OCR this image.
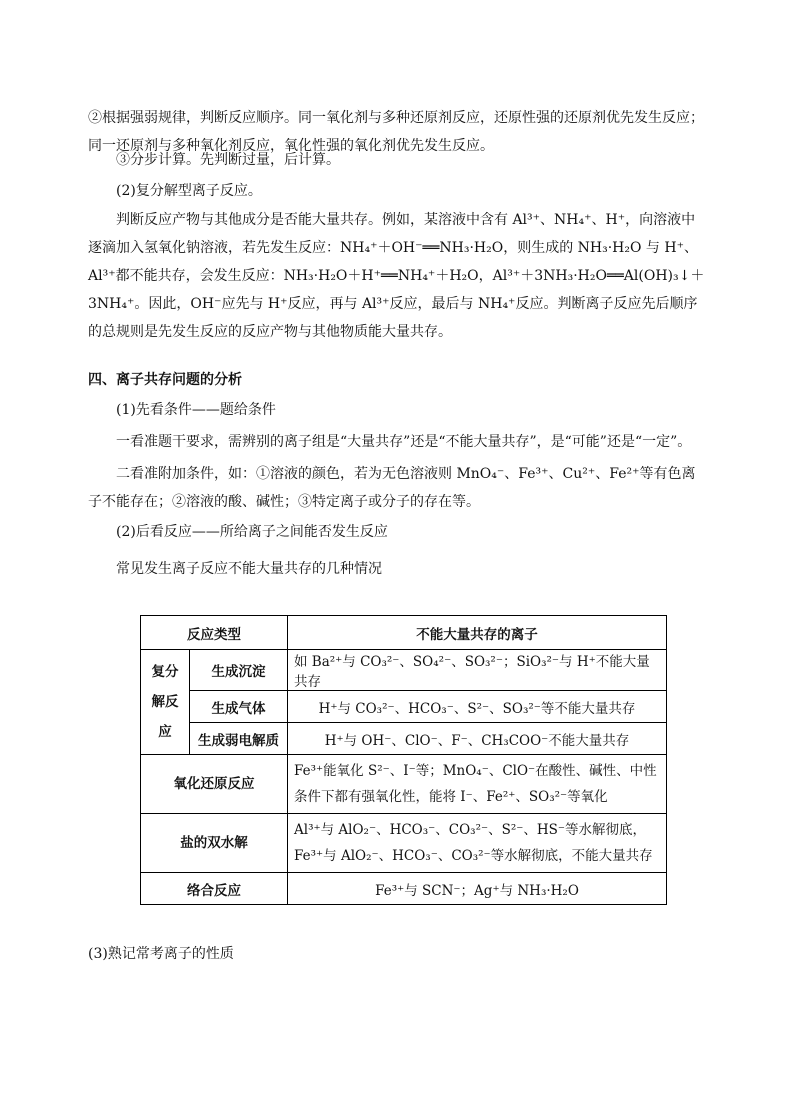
②根据强弱规律，判断反应顺序。同一氧化剂与多种还原剂反应，还原性强的还原剂优先发生反应；同一还原剂与多种氧化剂反应，氧化性强的氧化剂优先发生反应。

③分步计算。先判断过量，后计算。

(2)复分解型离子反应。

判断反应产物与其他成分是否能大量共存。例如，某溶液中含有 Al³⁺、NH₄⁺、H⁺，向溶液中逐滴加入氢氧化钠溶液，若先发生反应：NH₄⁺＋OH⁻══NH₃·H₂O，则生成的 NH₃·H₂O 与 H⁺、Al³⁺都不能共存，会发生反应：NH₃·H₂O＋H⁺══NH₄⁺＋H₂O，Al³⁺＋3NH₃·H₂O══Al(OH)₃↓＋3NH₄⁺。因此，OH⁻应先与 H⁺反应，再与 Al³⁺反应，最后与 NH₄⁺反应。判断离子反应先后顺序的总规则是先发生反应的反应产物与其他物质能大量共存。

四、离子共存问题的分析

(1)先看条件——题给条件

一看准题干要求，需辨别的离子组是“大量共存”还是“不能大量共存”，是“可能”还是“一定”。

二看准附加条件，如：①溶液的颜色，若为无色溶液则 MnO₄⁻、Fe³⁺、Cu²⁺、Fe²⁺等有色离子不能存在；②溶液的酸、碱性；③特定离子或分子的存在等。

(2)后看反应——所给离子之间能否发生反应

常见发生离子反应不能大量共存的几种情况

反应类型		不能大量共存的离子
复分解反应	生成沉淀	如 Ba²⁺与 CO₃²⁻、SO₄²⁻、SO₃²⁻；SiO₃²⁻与 H⁺不能大量共存
	生成气体	H⁺与 CO₃²⁻、HCO₃⁻、S²⁻、SO₃²⁻等不能大量共存
	生成弱电解质	H⁺与 OH⁻、ClO⁻、F⁻、CH₃COO⁻不能大量共存
氧化还原反应		Fe³⁺能氧化 S²⁻、I⁻等；MnO₄⁻、ClO⁻在酸性、碱性、中性条件下都有强氧化性，能将 I⁻、Fe²⁺、SO₃²⁻等氧化
盐的双水解		Al³⁺与 AlO₂⁻、HCO₃⁻、CO₃²⁻、S²⁻、HS⁻等水解彻底，Fe³⁺与 AlO₂⁻、HCO₃⁻、CO₃²⁻等水解彻底，不能大量共存
络合反应		Fe³⁺与 SCN⁻；Ag⁺与 NH₃·H₂O

(3)熟记常考离子的性质
